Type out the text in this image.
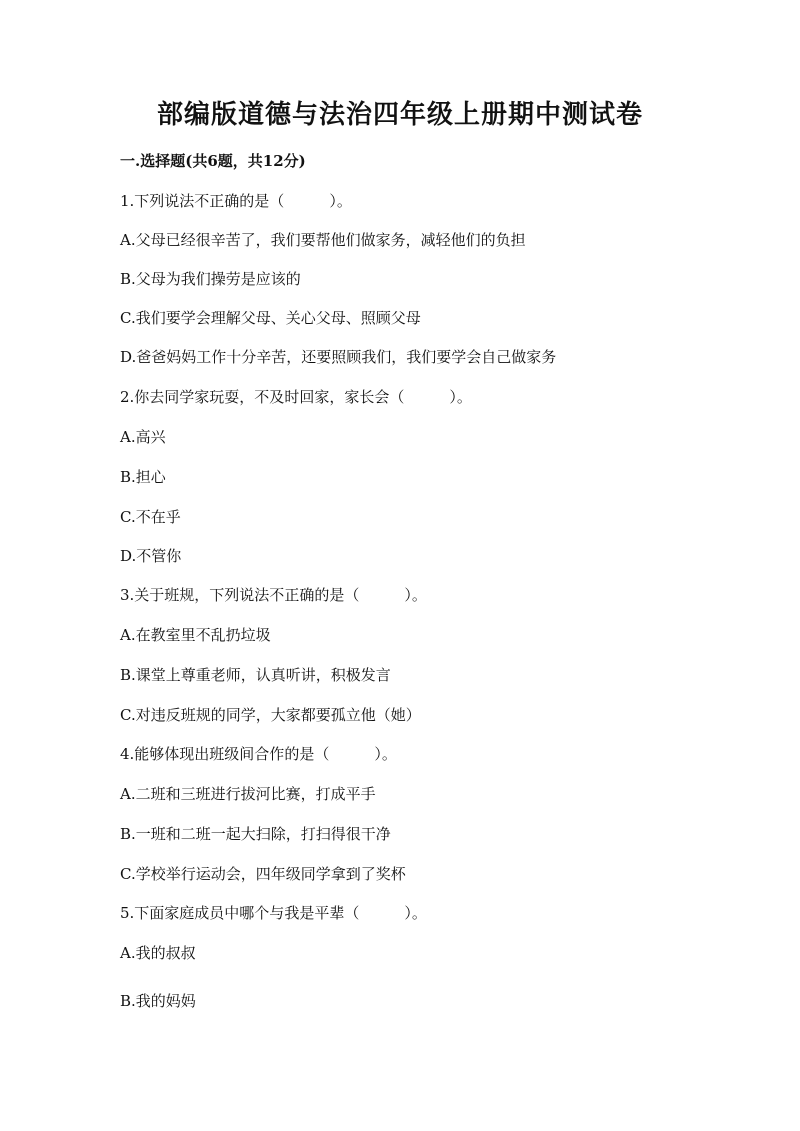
部编版道德与法治四年级上册期中测试卷

一.选择题(共6题，共12分)

1.下列说法不正确的是（　　　）。

A.父母已经很辛苦了，我们要帮他们做家务，减轻他们的负担

B.父母为我们操劳是应该的

C.我们要学会理解父母、关心父母、照顾父母

D.爸爸妈妈工作十分辛苦，还要照顾我们，我们要学会自己做家务

2.你去同学家玩耍，不及时回家，家长会（　　　）。

A.高兴

B.担心

C.不在乎

D.不管你

3.关于班规，下列说法不正确的是（　　　）。

A.在教室里不乱扔垃圾

B.课堂上尊重老师，认真听讲，积极发言

C.对违反班规的同学，大家都要孤立他（她）

4.能够体现出班级间合作的是（　　　）。

A.二班和三班进行拔河比赛，打成平手

B.一班和二班一起大扫除，打扫得很干净

C.学校举行运动会，四年级同学拿到了奖杯

5.下面家庭成员中哪个与我是平辈（　　　）。

A.我的叔叔

B.我的妈妈
